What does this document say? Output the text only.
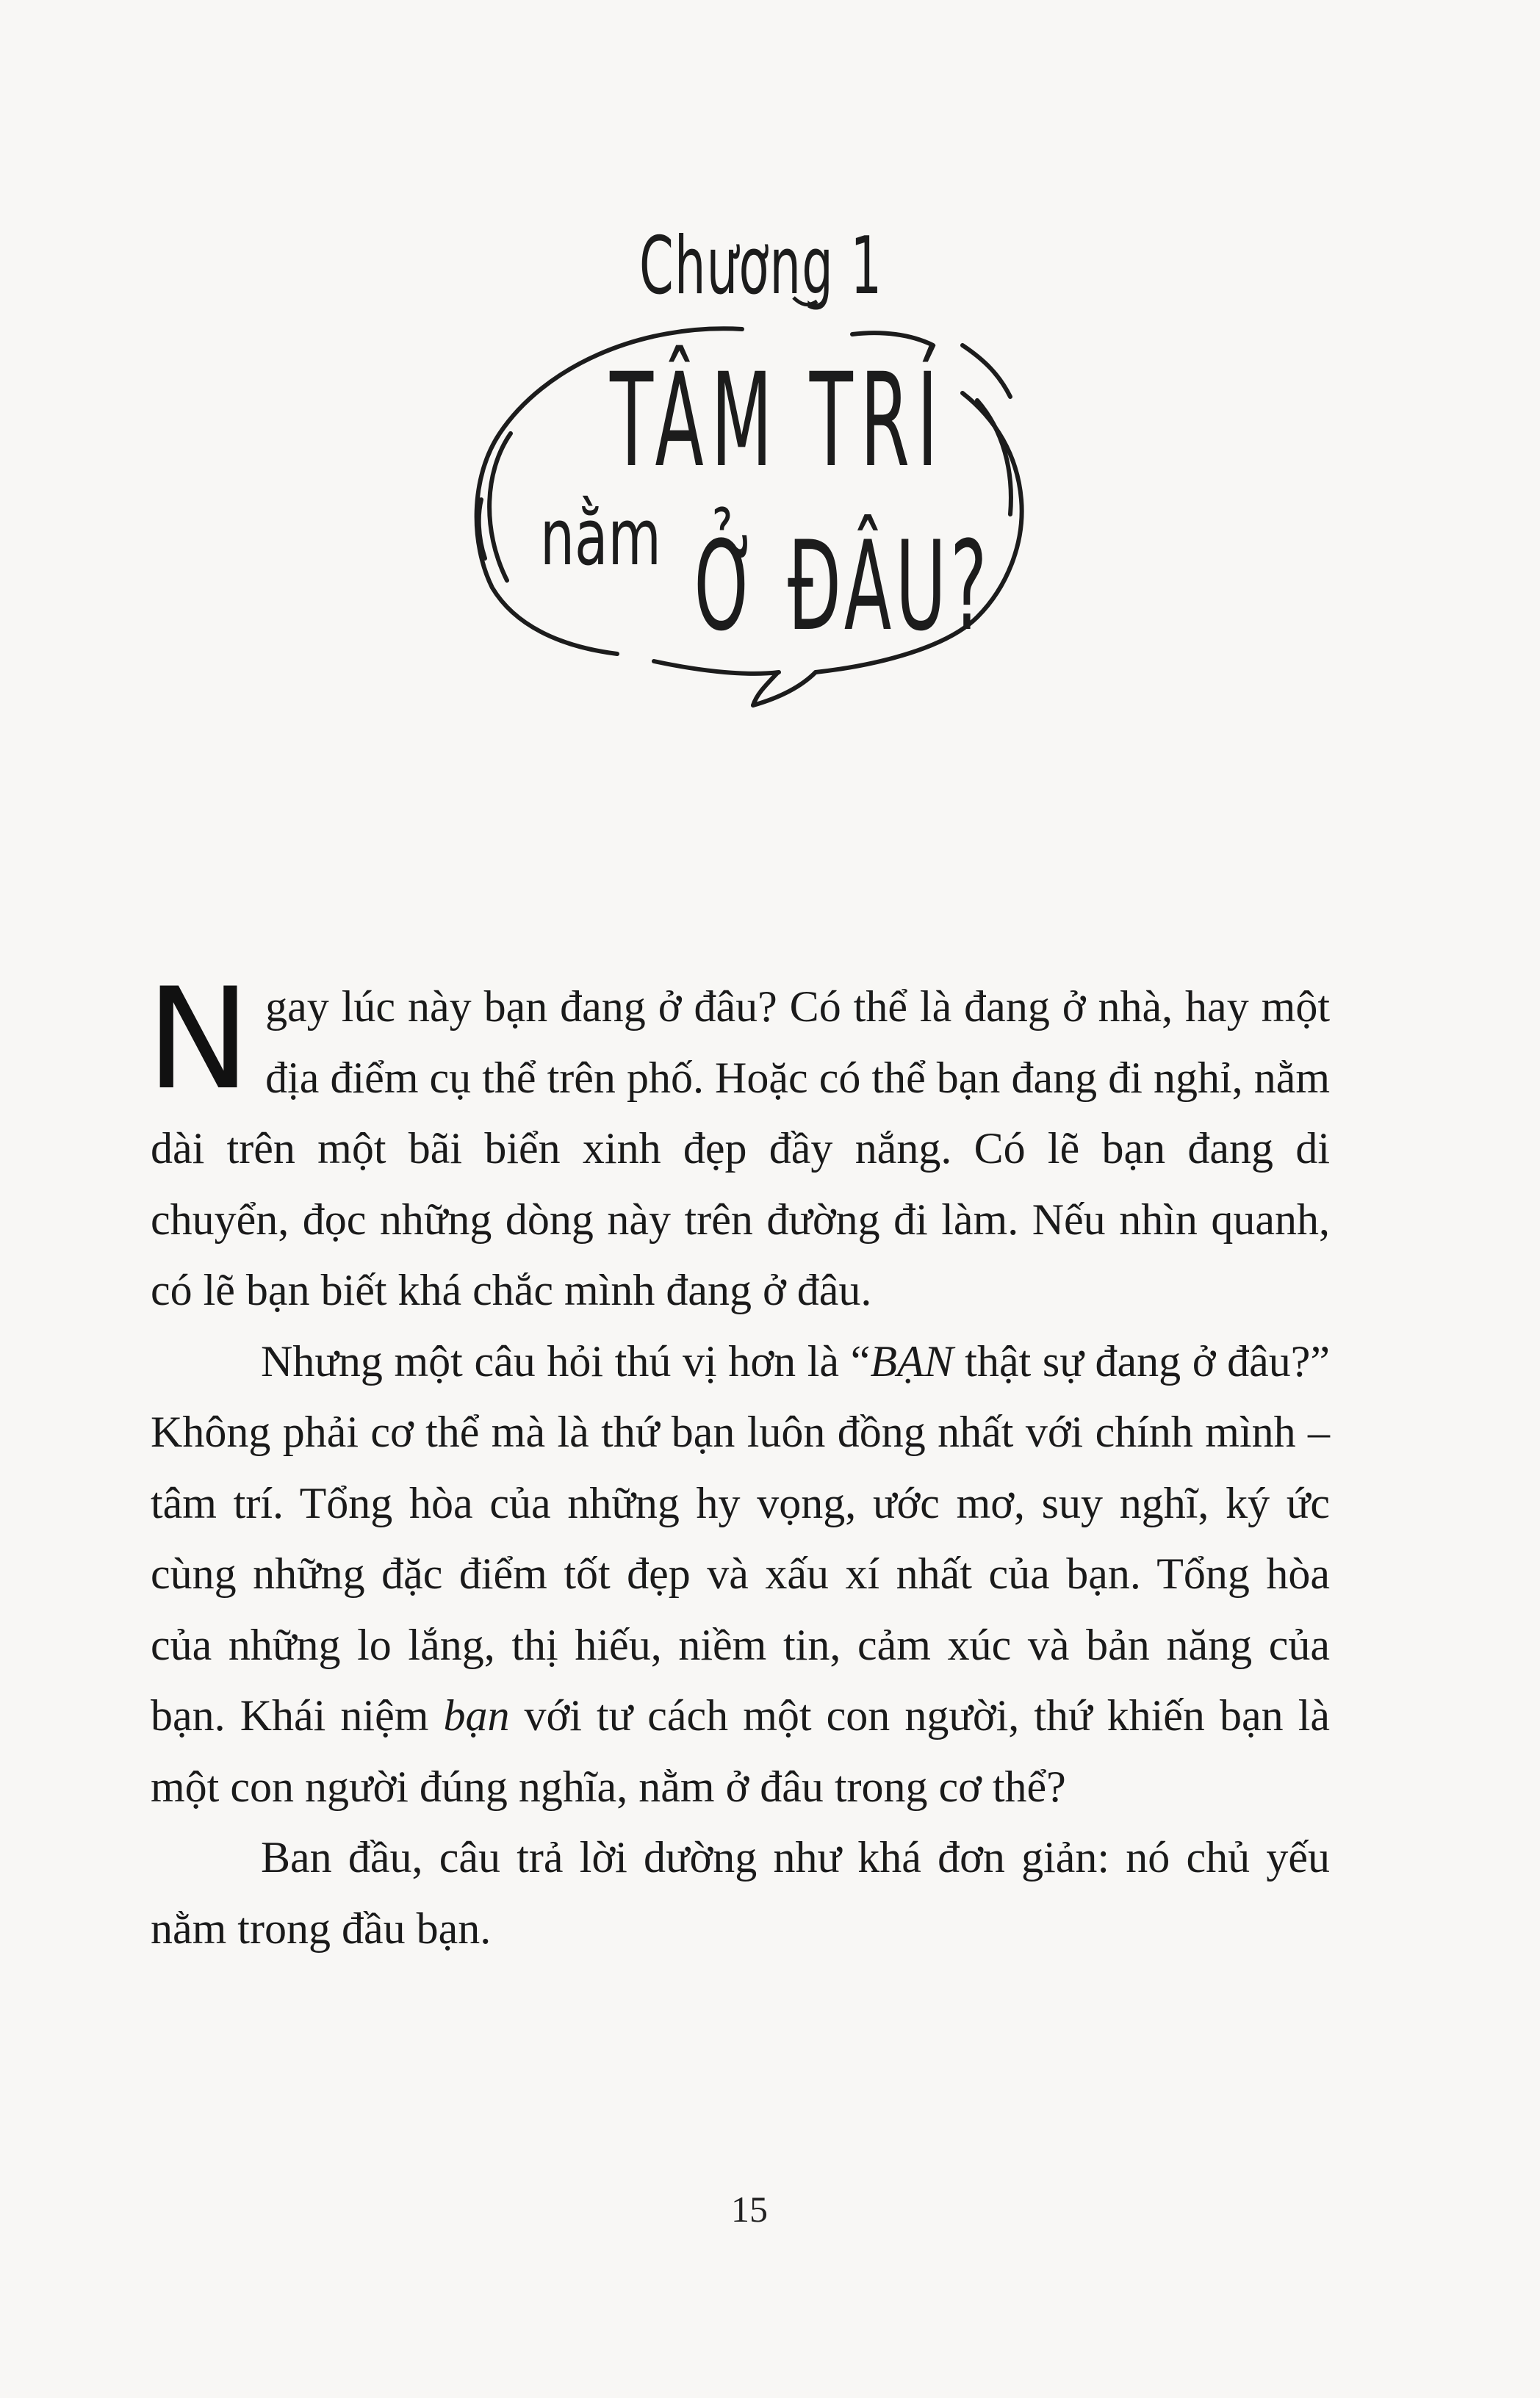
Chương 1
TÂM TRÍ
nằm Ở ĐÂU?

Ngay lúc này bạn đang ở đâu? Có thể là đang ở nhà, hay một địa điểm cụ thể trên phố. Hoặc có thể bạn đang đi nghỉ, nằm dài trên một bãi biển xinh đẹp đầy nắng. Có lẽ bạn đang di chuyển, đọc những dòng này trên đường đi làm. Nếu nhìn quanh, có lẽ bạn biết khá chắc mình đang ở đâu.

Nhưng một câu hỏi thú vị hơn là “BẠN thật sự đang ở đâu?” Không phải cơ thể mà là thứ bạn luôn đồng nhất với chính mình – tâm trí. Tổng hòa của những hy vọng, ước mơ, suy nghĩ, ký ức cùng những đặc điểm tốt đẹp và xấu xí nhất của bạn. Tổng hòa của những lo lắng, thị hiếu, niềm tin, cảm xúc và bản năng của bạn. Khái niệm bạn với tư cách một con người, thứ khiến bạn là một con người đúng nghĩa, nằm ở đâu trong cơ thể?

Ban đầu, câu trả lời dường như khá đơn giản: nó chủ yếu nằm trong đầu bạn.

15
